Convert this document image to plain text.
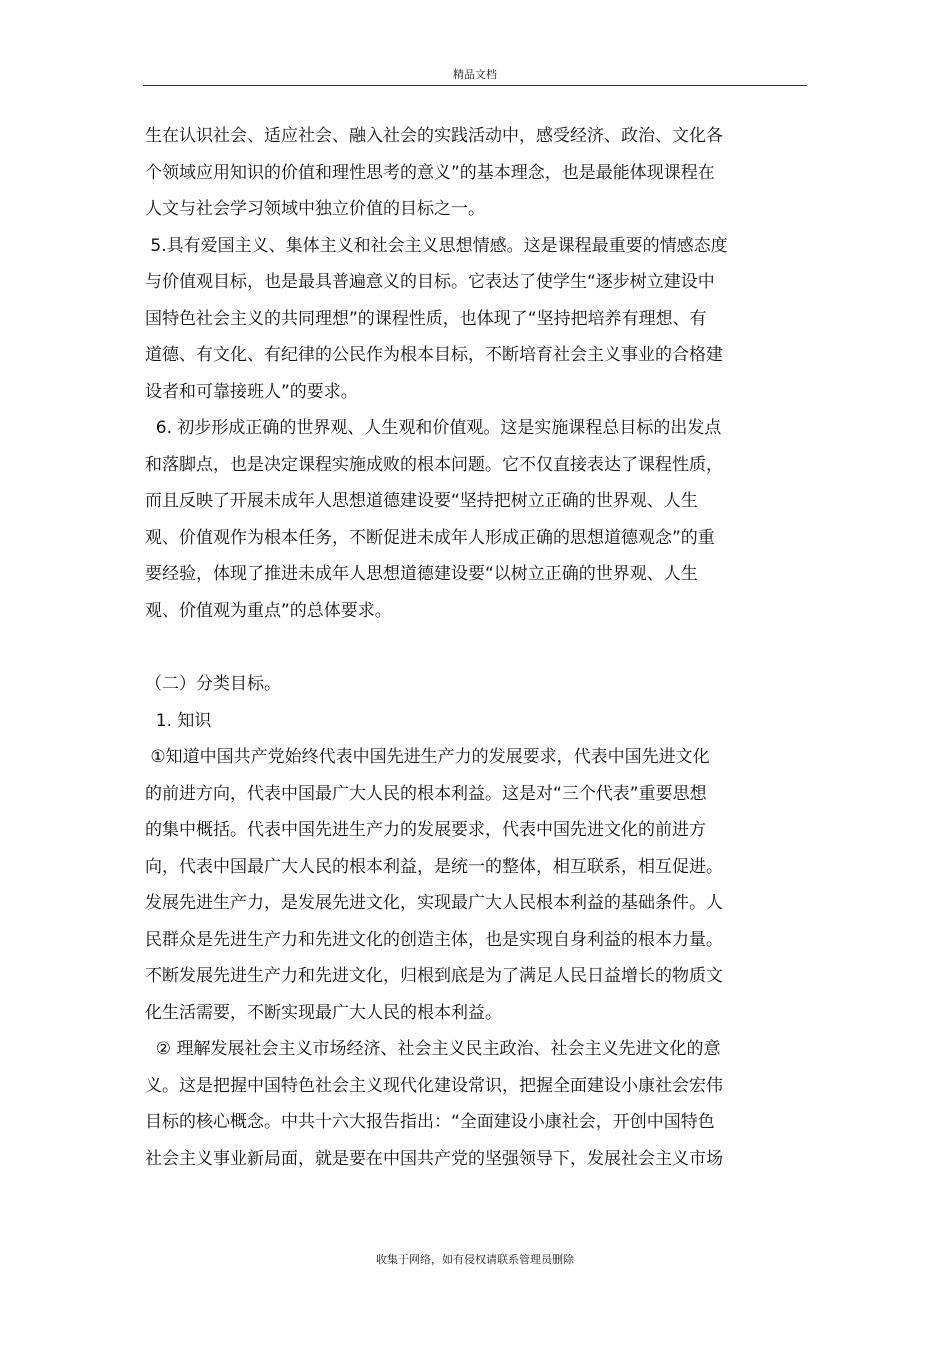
精品文档
生在认识社会、适应社会、融入社会的实践活动中，感受经济、政治、文化各
个领域应用知识的价值和理性思考的意义”的基本理念，也是最能体现课程在
人文与社会学习领域中独立价值的目标之一。
5.具有爱国主义、集体主义和社会主义思想情感。这是课程最重要的情感态度
与价值观目标，也是最具普遍意义的目标。它表达了使学生“逐步树立建设中
国特色社会主义的共同理想”的课程性质，也体现了“坚持把培养有理想、有
道德、有文化、有纪律的公民作为根本目标，不断培育社会主义事业的合格建
设者和可靠接班人”的要求。
6. 初步形成正确的世界观、人生观和价值观。这是实施课程总目标的出发点
和落脚点，也是决定课程实施成败的根本问题。它不仅直接表达了课程性质，
而且反映了开展未成年人思想道德建设要“坚持把树立正确的世界观、人生
观、价值观作为根本任务，不断促进未成年人形成正确的思想道德观念”的重
要经验，体现了推进未成年人思想道德建设要“以树立正确的世界观、人生
观、价值观为重点”的总体要求。
（二）分类目标。
1. 知识
①知道中国共产党始终代表中国先进生产力的发展要求，代表中国先进文化
的前进方向，代表中国最广大人民的根本利益。这是对“三个代表”重要思想
的集中概括。代表中国先进生产力的发展要求，代表中国先进文化的前进方
向，代表中国最广大人民的根本利益，是统一的整体，相互联系，相互促进。
发展先进生产力，是发展先进文化，实现最广大人民根本利益的基础条件。人
民群众是先进生产力和先进文化的创造主体，也是实现自身利益的根本力量。
不断发展先进生产力和先进文化，归根到底是为了满足人民日益增长的物质文
化生活需要，不断实现最广大人民的根本利益。
② 理解发展社会主义市场经济、社会主义民主政治、社会主义先进文化的意
义。这是把握中国特色社会主义现代化建设常识，把握全面建设小康社会宏伟
目标的核心概念。中共十六大报告指出：“全面建设小康社会，开创中国特色
社会主义事业新局面，就是要在中国共产党的坚强领导下，发展社会主义市场
收集于网络，如有侵权请联系管理员删除
